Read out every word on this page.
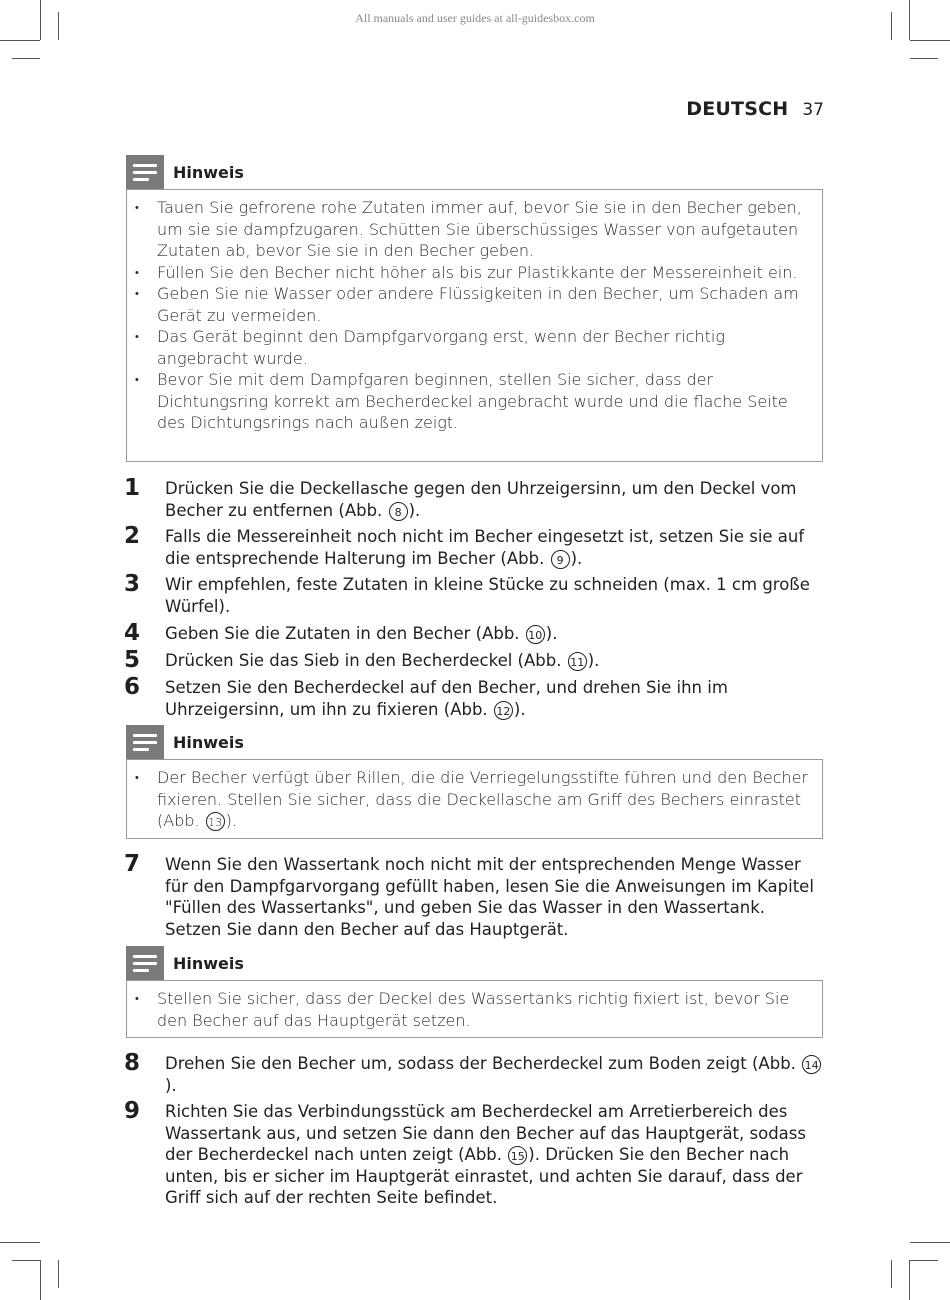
All manuals and user guides at all-guidesbox.com
DEUTSCH 37
Hinweis
• Tauen Sie gefrorene rohe Zutaten immer auf, bevor Sie sie in den Becher geben, um sie sie dampfzugaren. Schütten Sie überschüssiges Wasser von aufgetauten Zutaten ab, bevor Sie sie in den Becher geben.
• Füllen Sie den Becher nicht höher als bis zur Plastikkante der Messereinheit ein.
• Geben Sie nie Wasser oder andere Flüssigkeiten in den Becher, um Schaden am Gerät zu vermeiden.
• Das Gerät beginnt den Dampfgarvorgang erst, wenn der Becher richtig angebracht wurde.
• Bevor Sie mit dem Dampfgaren beginnen, stellen Sie sicher, dass der Dichtungsring korrekt am Becherdeckel angebracht wurde und die flache Seite des Dichtungsrings nach außen zeigt.
1	Drücken Sie die Deckellasche gegen den Uhrzeigersinn, um den Deckel vom Becher zu entfernen (Abb. 8 ).
2	Falls die Messereinheit noch nicht im Becher eingesetzt ist, setzen Sie sie auf die entsprechende Halterung im Becher (Abb. 9 ).
3	Wir empfehlen, feste Zutaten in kleine Stücke zu schneiden (max. 1 cm große Würfel).
4	Geben Sie die Zutaten in den Becher (Abb. 10 ).
5	Drücken Sie das Sieb in den Becherdeckel (Abb. 11 ).
6	Setzen Sie den Becherdeckel auf den Becher, und drehen Sie ihn im Uhrzeigersinn, um ihn zu fixieren (Abb. 12 ).
Hinweis
• Der Becher verfügt über Rillen, die die Verriegelungsstifte führen und den Becher fixieren. Stellen Sie sicher, dass die Deckellasche am Griff des Bechers einrastet (Abb. 13 ).
7	Wenn Sie den Wassertank noch nicht mit der entsprechenden Menge Wasser für den Dampfgarvorgang gefüllt haben, lesen Sie die Anweisungen im Kapitel "Füllen des Wassertanks", und geben Sie das Wasser in den Wassertank. Setzen Sie dann den Becher auf das Hauptgerät.
Hinweis
• Stellen Sie sicher, dass der Deckel des Wassertanks richtig fixiert ist, bevor Sie den Becher auf das Hauptgerät setzen.
8	Drehen Sie den Becher um, sodass der Becherdeckel zum Boden zeigt (Abb. 14).
9	Richten Sie das Verbindungsstück am Becherdeckel am Arretierbereich des Wassertank aus, und setzen Sie dann den Becher auf das Hauptgerät, sodass der Becherdeckel nach unten zeigt (Abb. 15 ). Drücken Sie den Becher nach unten, bis er sicher im Hauptgerät einrastet, und achten Sie darauf, dass der Griff sich auf der rechten Seite befindet.
